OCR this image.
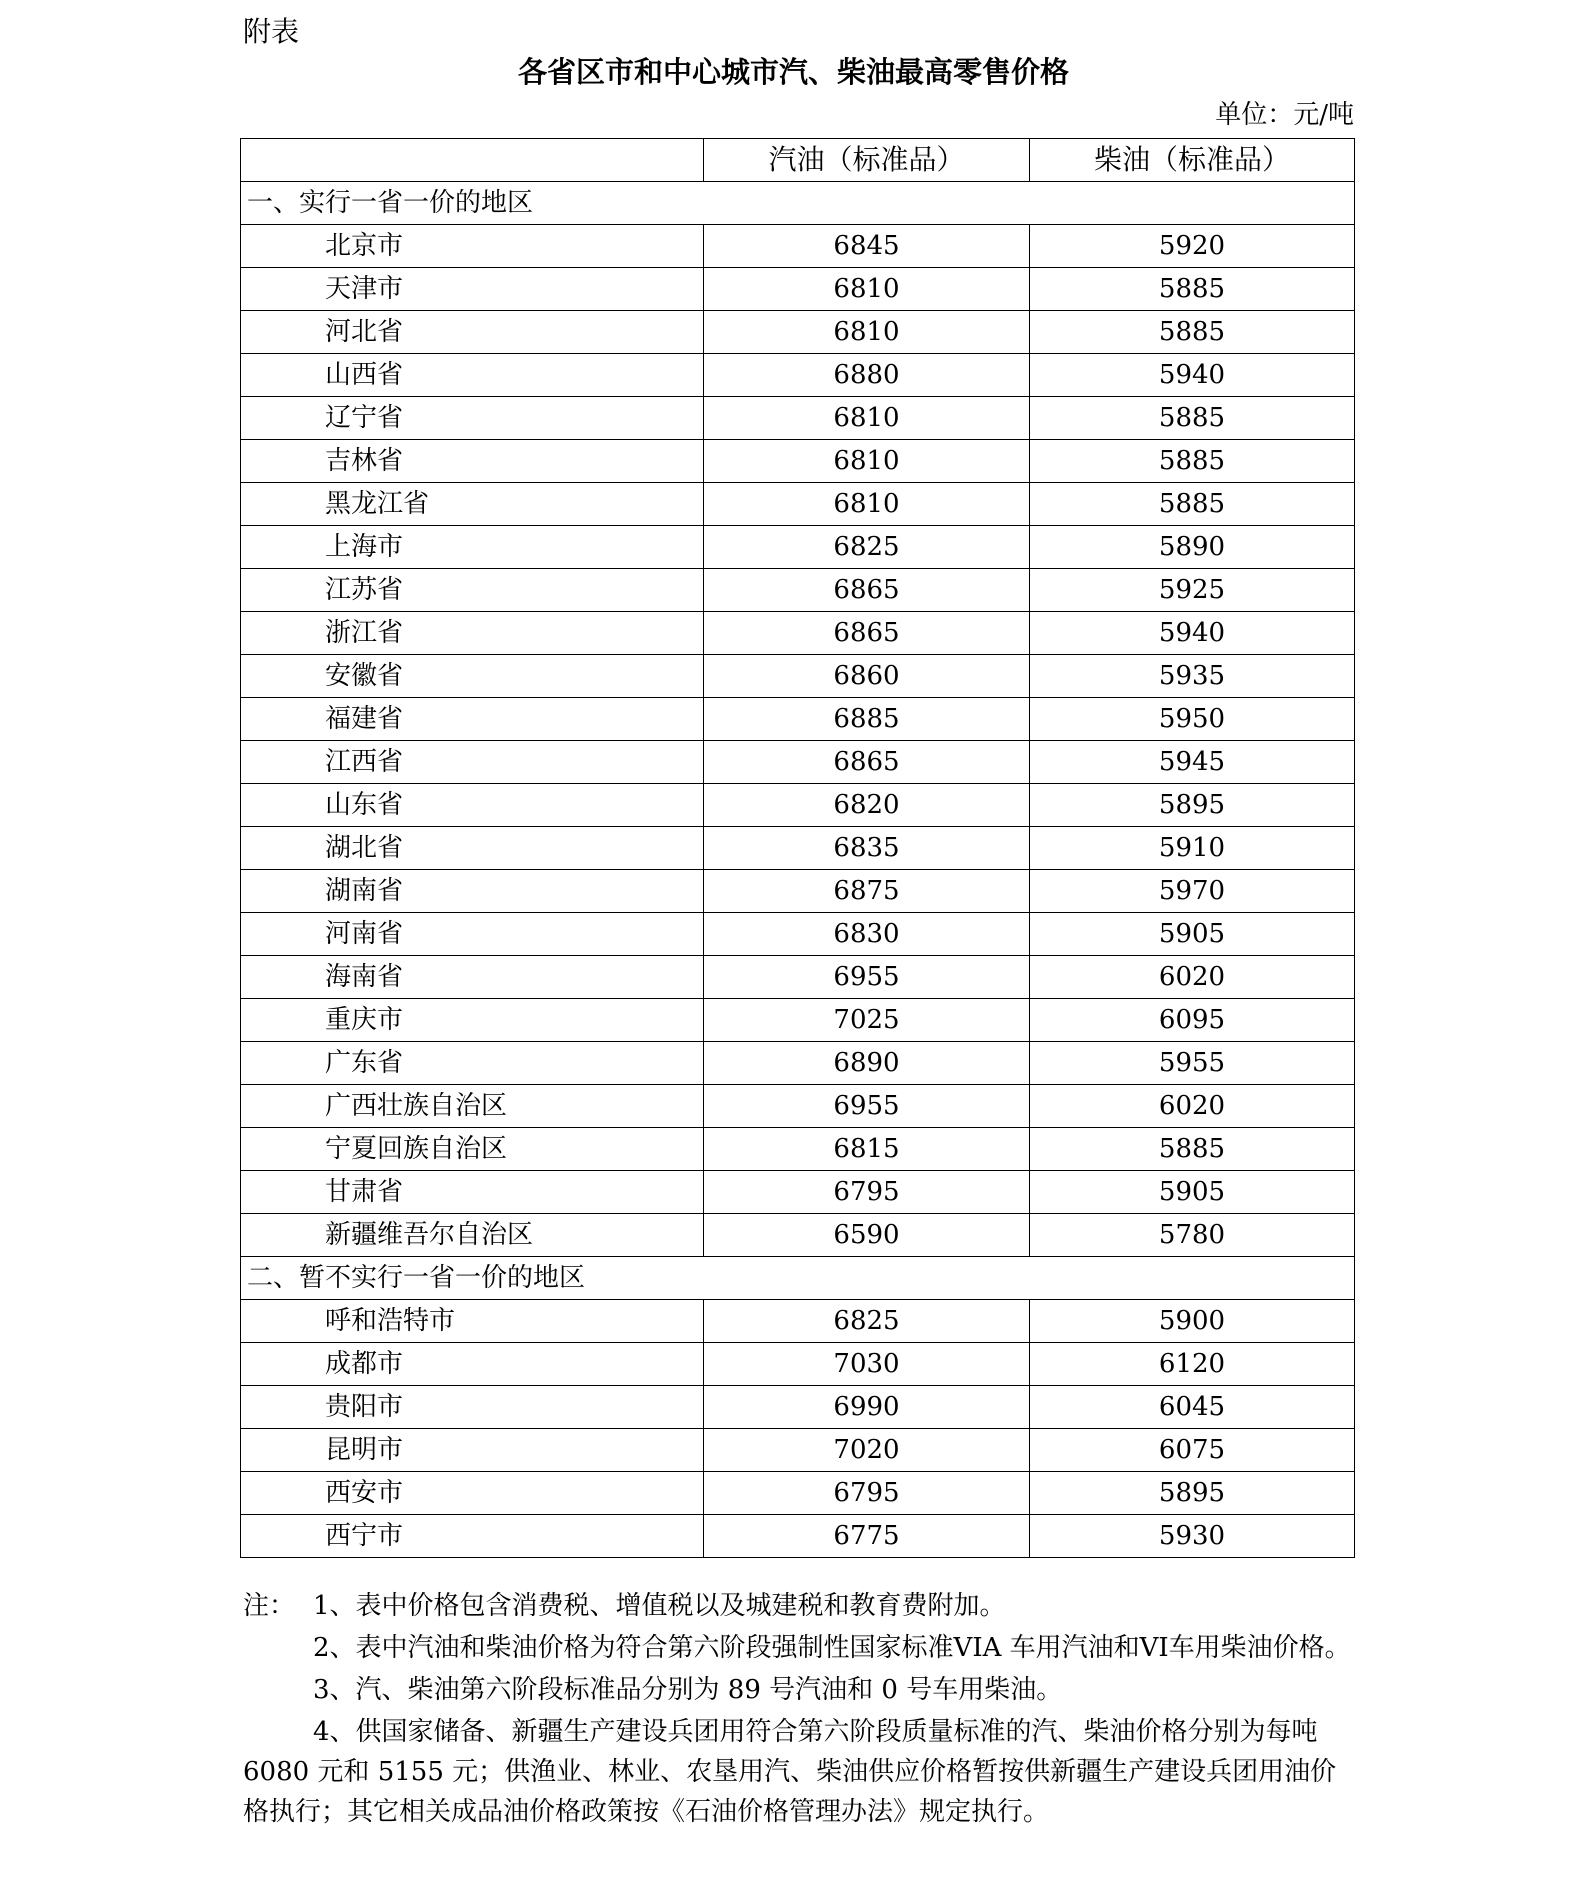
附表
各省区市和中心城市汽、柴油最高零售价格
单位：元/吨
	汽油（标准品）	柴油（标准品）
一、实行一省一价的地区		
北京市	6845	5920
天津市	6810	5885
河北省	6810	5885
山西省	6880	5940
辽宁省	6810	5885
吉林省	6810	5885
黑龙江省	6810	5885
上海市	6825	5890
江苏省	6865	5925
浙江省	6865	5940
安徽省	6860	5935
福建省	6885	5950
江西省	6865	5945
山东省	6820	5895
湖北省	6835	5910
湖南省	6875	5970
河南省	6830	5905
海南省	6955	6020
重庆市	7025	6095
广东省	6890	5955
广西壮族自治区	6955	6020
宁夏回族自治区	6815	5885
甘肃省	6795	5905
新疆维吾尔自治区	6590	5780
二、暂不实行一省一价的地区		
呼和浩特市	6825	5900
成都市	7030	6120
贵阳市	6990	6045
昆明市	7020	6075
西安市	6795	5895
西宁市	6775	5930

注： 1、表中价格包含消费税、增值税以及城建税和教育费附加。

2、表中汽油和柴油价格为符合第六阶段强制性国家标准VIA 车用汽油和VI车用柴油价格。

3、汽、柴油第六阶段标准品分别为 89 号汽油和 0 号车用柴油。

4、供国家储备、新疆生产建设兵团用符合第六阶段质量标准的汽、柴油价格分别为每吨 6080 元和 5155 元；供渔业、林业、农垦用汽、柴油供应价格暂按供新疆生产建设兵团用油价格执行；其它相关成品油价格政策按《石油价格管理办法》规定执行。
